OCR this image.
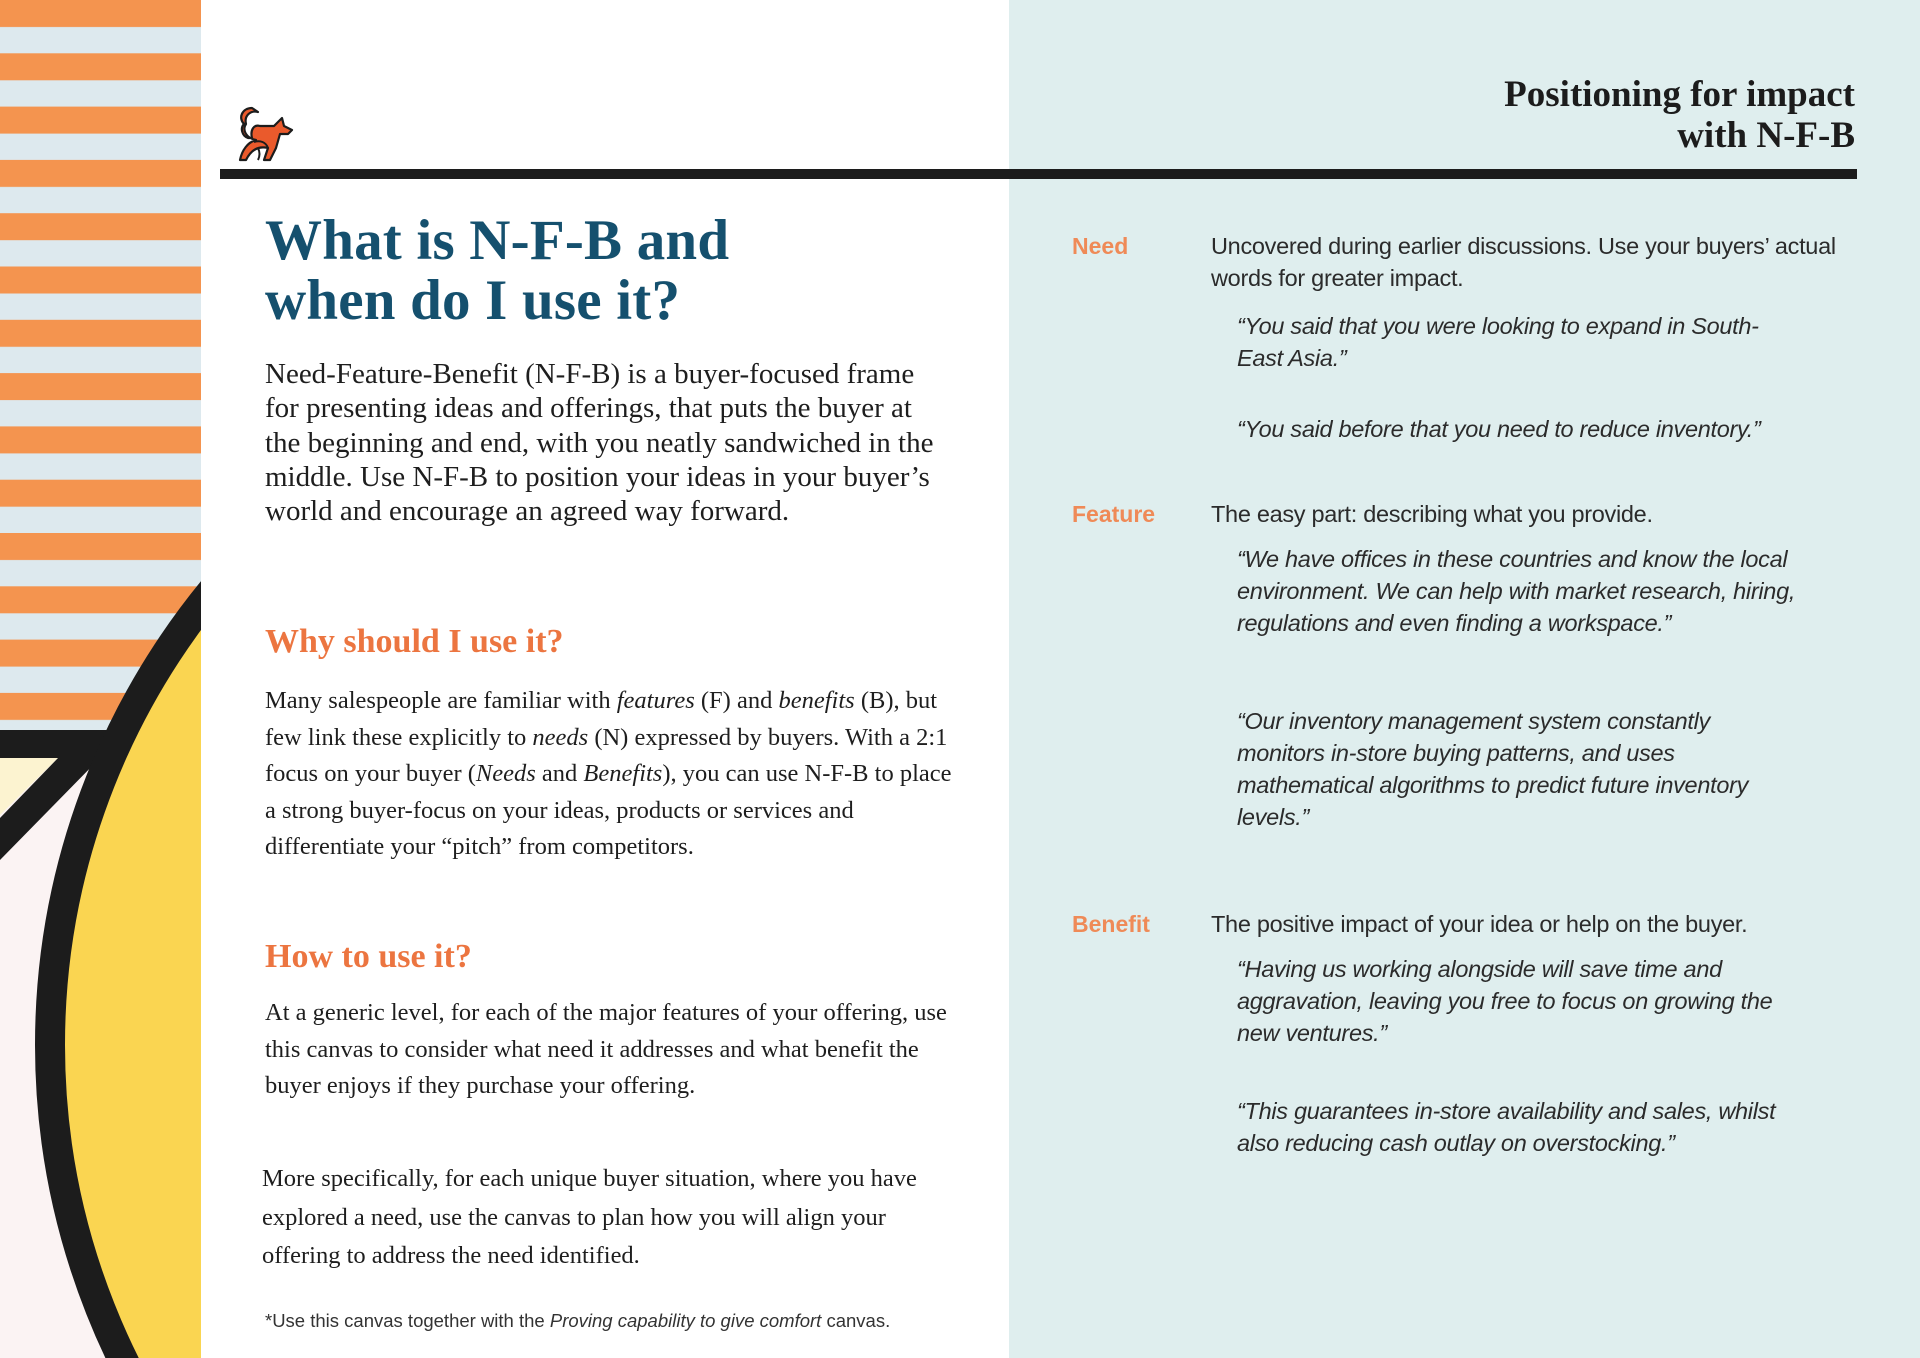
Positioning for impact
with N-F-B
What is N-F-B and
when do I use it?

Need-Feature-Benefit (N-F-B) is a buyer-focused frame for presenting ideas and offerings, that puts the buyer at the beginning and end, with you neatly sandwiched in the middle. Use N-F-B to position your ideas in your buyer’s world and encourage an agreed way forward.

Why should I use it?

Many salespeople are familiar with features (F) and benefits (B), but few link these explicitly to needs (N) expressed by buyers. With a 2:1 focus on your buyer (Needs and Benefits), you can use N-F-B to place a strong buyer-focus on your ideas, products or services and differentiate your “pitch” from competitors.

How to use it?

At a generic level, for each of the major features of your offering, use this canvas to consider what need it addresses and what benefit the buyer enjoys if they purchase your offering.

More specifically, for each unique buyer situation, where you have explored a need, use the canvas to plan how you will align your offering to address the need identified.

*Use this canvas together with the Proving capability to give comfort canvas.

Need	Uncovered during earlier discussions. Use your buyers’ actual words for greater impact.

“You said that you were looking to expand in South-East Asia.”

“You said before that you need to reduce inventory.”

Feature The easy part: describing what you provide.

“We have offices in these countries and know the local environment. We can help with market research, hiring, regulations and even finding a workspace.”

“Our inventory management system constantly monitors in-store buying patterns, and uses mathematical algorithms to predict future inventory levels.”

Benefit	The positive impact of your idea or help on the buyer.

“Having us working alongside will save time and aggravation, leaving you free to focus on growing the new ventures.”

“This guarantees in-store availability and sales, whilst also reducing cash outlay on overstocking.”
